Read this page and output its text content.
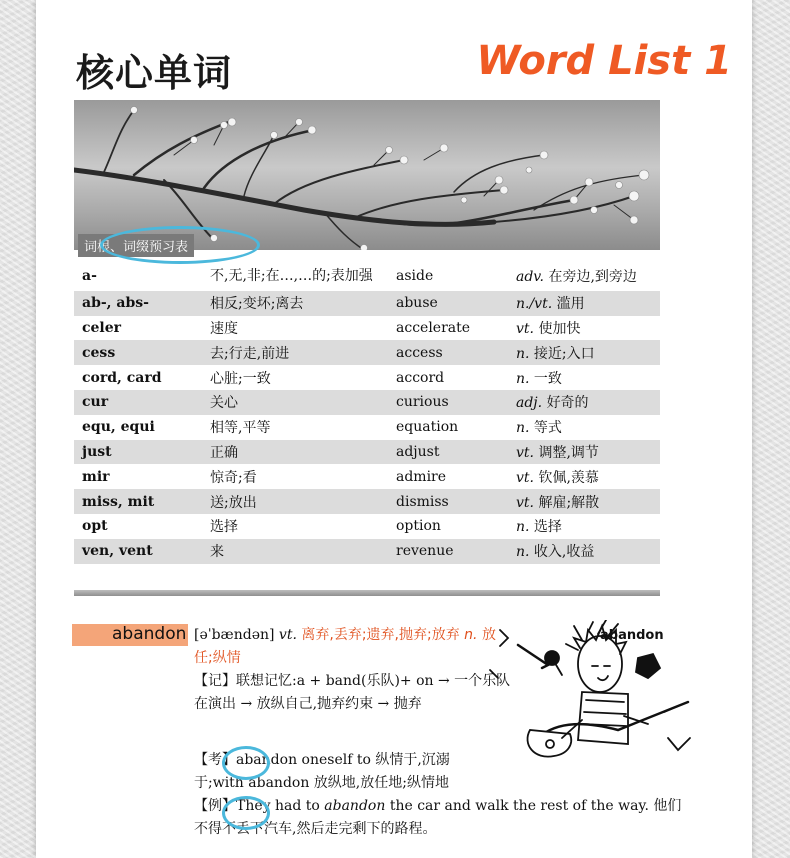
核心单词	Word List 1
词根、词缀预习表
a-	不,无,非;在…,…的;表加强	aside	adv. 在旁边,到旁边
ab-, abs-	相反;变坏;离去	abuse	n./vt. 滥用
celer	速度	accelerate	vt. 使加快
cess	去;行走,前进	access	n. 接近;入口
cord, card	心脏;一致	accord	n. 一致
cur	关心	curious	adj. 好奇的
equ, equi	相等,平等	equation	n. 等式
just	正确	adjust	vt. 调整,调节
mir	惊奇;看	admire	vt. 钦佩,羡慕
miss, mit	送;放出	dismiss	vt. 解雇;解散
opt	选择	option	n. 选择
ven, vent	来	revenue	n. 收入,收益
abandon [əˈbændən] vt. 离弃,丢弃;遗弃,抛弃;放弃 n. 放任;纵情
【记】联想记忆:a + band(乐队)+ on → 一个乐队在演出 → 放纵自己,抛弃约束 → 抛弃
【考】abandon oneself to 纵情于,沉溺于;with abandon 放纵地,放任地;纵情地
【例】They had to abandon the car and walk the rest of the way. 他们不得不丢下汽车,然后走完剩下的路程。
abandon
